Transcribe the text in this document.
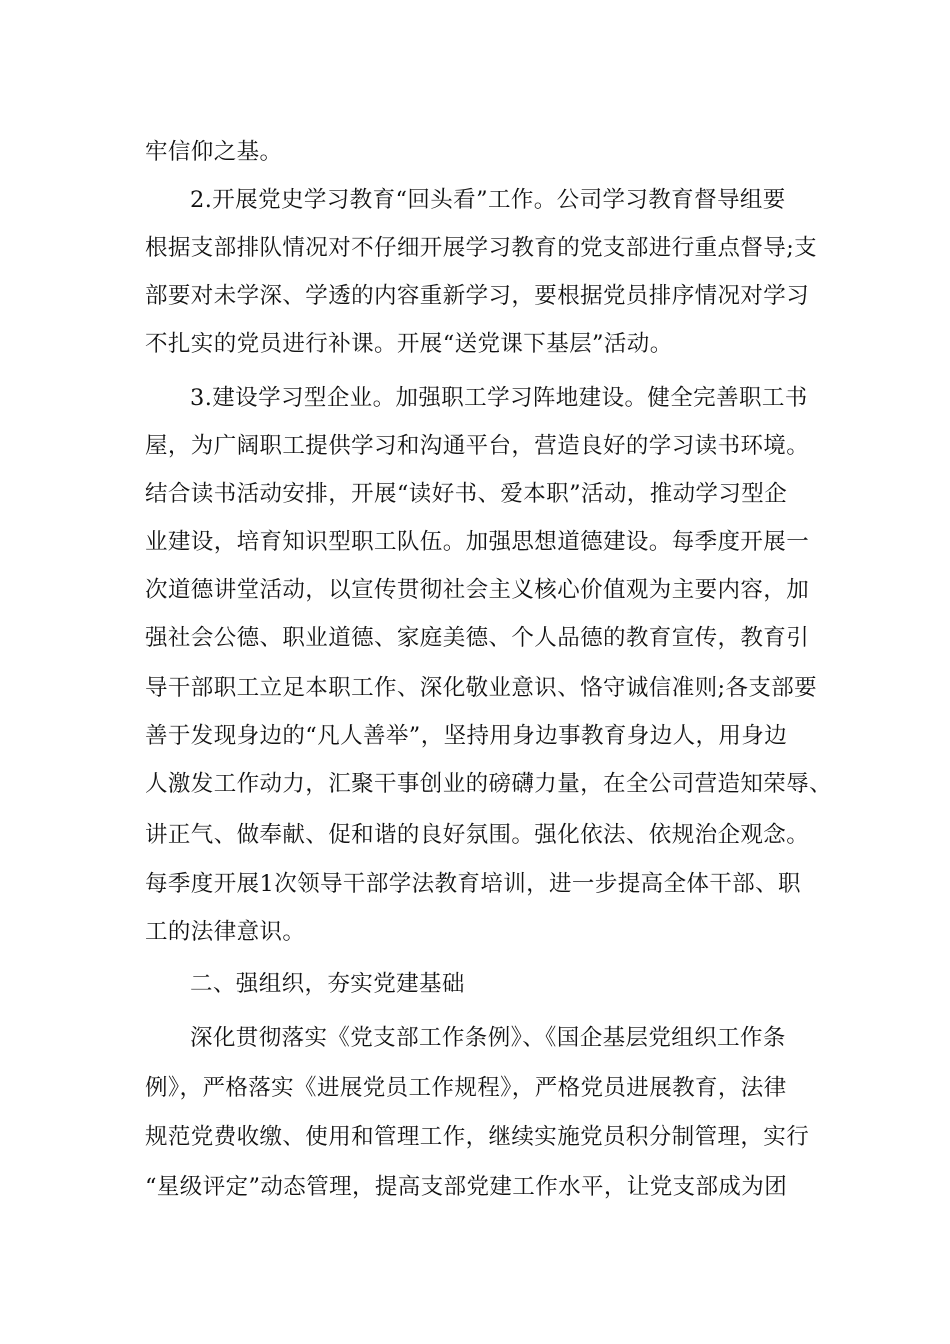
牢信仰之基。
2.开展党史学习教育“回头看”工作。公司学习教育督导组要
根据支部排队情况对不仔细开展学习教育的党支部进行重点督导;支
部要对未学深、学透的内容重新学习，要根据党员排序情况对学习
不扎实的党员进行补课。开展“送党课下基层”活动。
3.建设学习型企业。加强职工学习阵地建设。健全完善职工书
屋，为广阔职工提供学习和沟通平台，营造良好的学习读书环境。
结合读书活动安排，开展“读好书、爱本职”活动，推动学习型企
业建设，培育知识型职工队伍。加强思想道德建设。每季度开展一
次道德讲堂活动，以宣传贯彻社会主义核心价值观为主要内容，加
强社会公德、职业道德、家庭美德、个人品德的教育宣传，教育引
导干部职工立足本职工作、深化敬业意识、恪守诚信准则;各支部要
善于发现身边的“凡人善举”，坚持用身边事教育身边人，用身边
人激发工作动力，汇聚干事创业的磅礴力量，在全公司营造知荣辱、
讲正气、做奉献、促和谐的良好氛围。强化依法、依规治企观念。
每季度开展1次领导干部学法教育培训，进一步提高全体干部、职
工的法律意识。
二、强组织，夯实党建基础
深化贯彻落实《党支部工作条例》、《国企基层党组织工作条
例》，严格落实《进展党员工作规程》，严格党员进展教育，法律
规范党费收缴、使用和管理工作，继续实施党员积分制管理，实行
“星级评定”动态管理，提高支部党建工作水平，让党支部成为团
